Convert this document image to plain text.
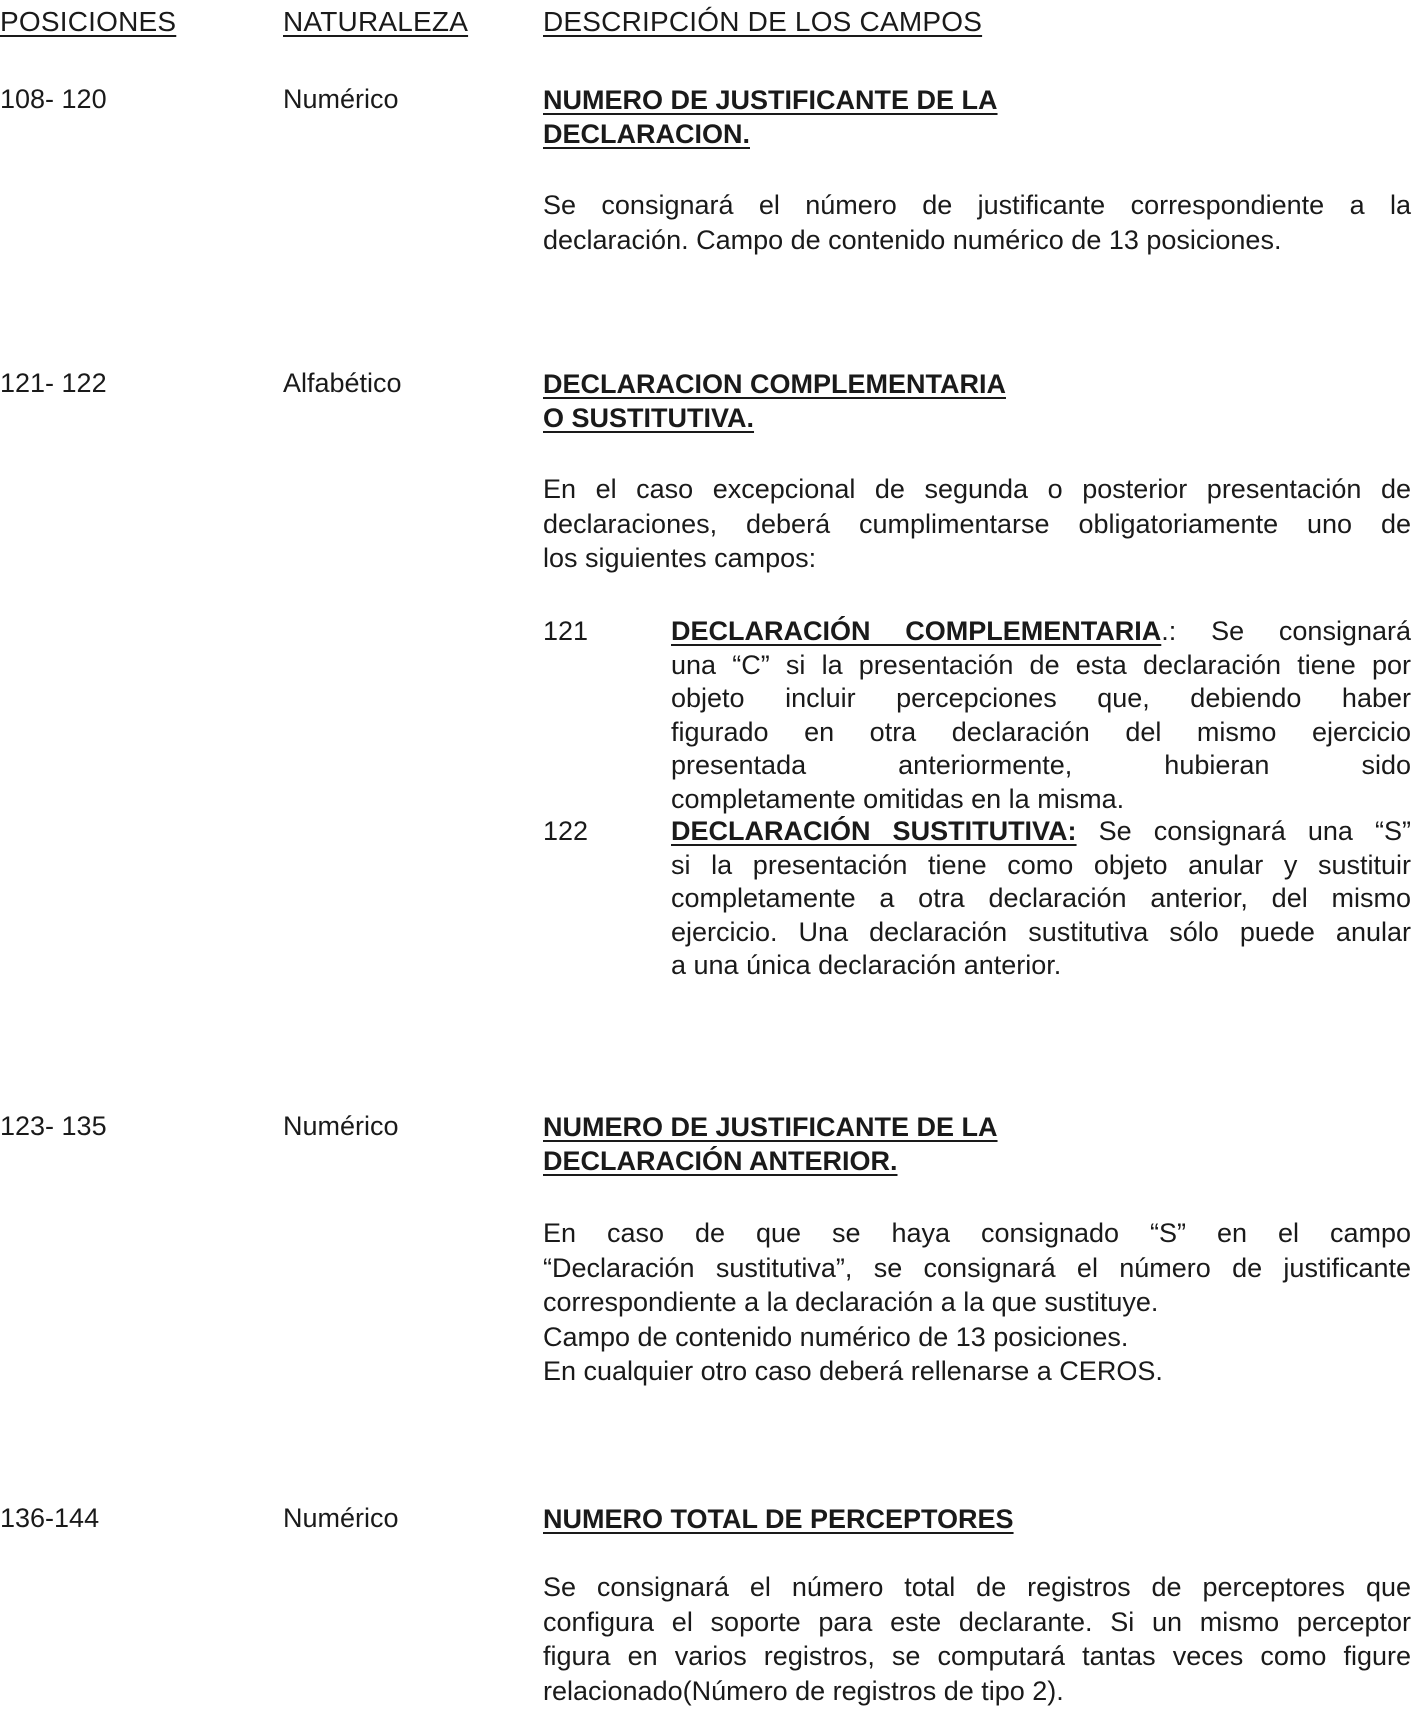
POSICIONES	NATURALEZA	DESCRIPCIÓN DE LOS CAMPOS
108- 120	Numérico	NUMERO DE JUSTIFICANTE DE LA
DECLARACION.
Se consignará el número de justificante correspondiente a la
declaración. Campo de contenido numérico de 13 posiciones.
121- 122	Alfabético	DECLARACION COMPLEMENTARIA
O SUSTITUTIVA.
En el caso excepcional de segunda o posterior presentación de
declaraciones, deberá cumplimentarse obligatoriamente uno de
los siguientes campos:
121	DECLARACIÓN COMPLEMENTARIA.: Se consignará
una “C” si la presentación de esta declaración tiene por
objeto incluir percepciones que, debiendo haber
figurado en otra declaración del mismo ejercicio
presentada anteriormente, hubieran sido
completamente omitidas en la misma.
122	DECLARACIÓN SUSTITUTIVA: Se consignará una “S”
si la presentación tiene como objeto anular y sustituir
completamente a otra declaración anterior, del mismo
ejercicio. Una declaración sustitutiva sólo puede anular
a una única declaración anterior.
123- 135	Numérico	NUMERO DE JUSTIFICANTE DE LA
DECLARACIÓN ANTERIOR.
En caso de que se haya consignado “S” en el campo
“Declaración sustitutiva”, se consignará el número de justificante
correspondiente a la declaración a la que sustituye.
Campo de contenido numérico de 13 posiciones.
En cualquier otro caso deberá rellenarse a CEROS.
136-144	Numérico	NUMERO TOTAL DE PERCEPTORES
Se consignará el número total de registros de perceptores que
configura el soporte para este declarante. Si un mismo perceptor
figura en varios registros, se computará tantas veces como figure
relacionado(Número de registros de tipo 2).
